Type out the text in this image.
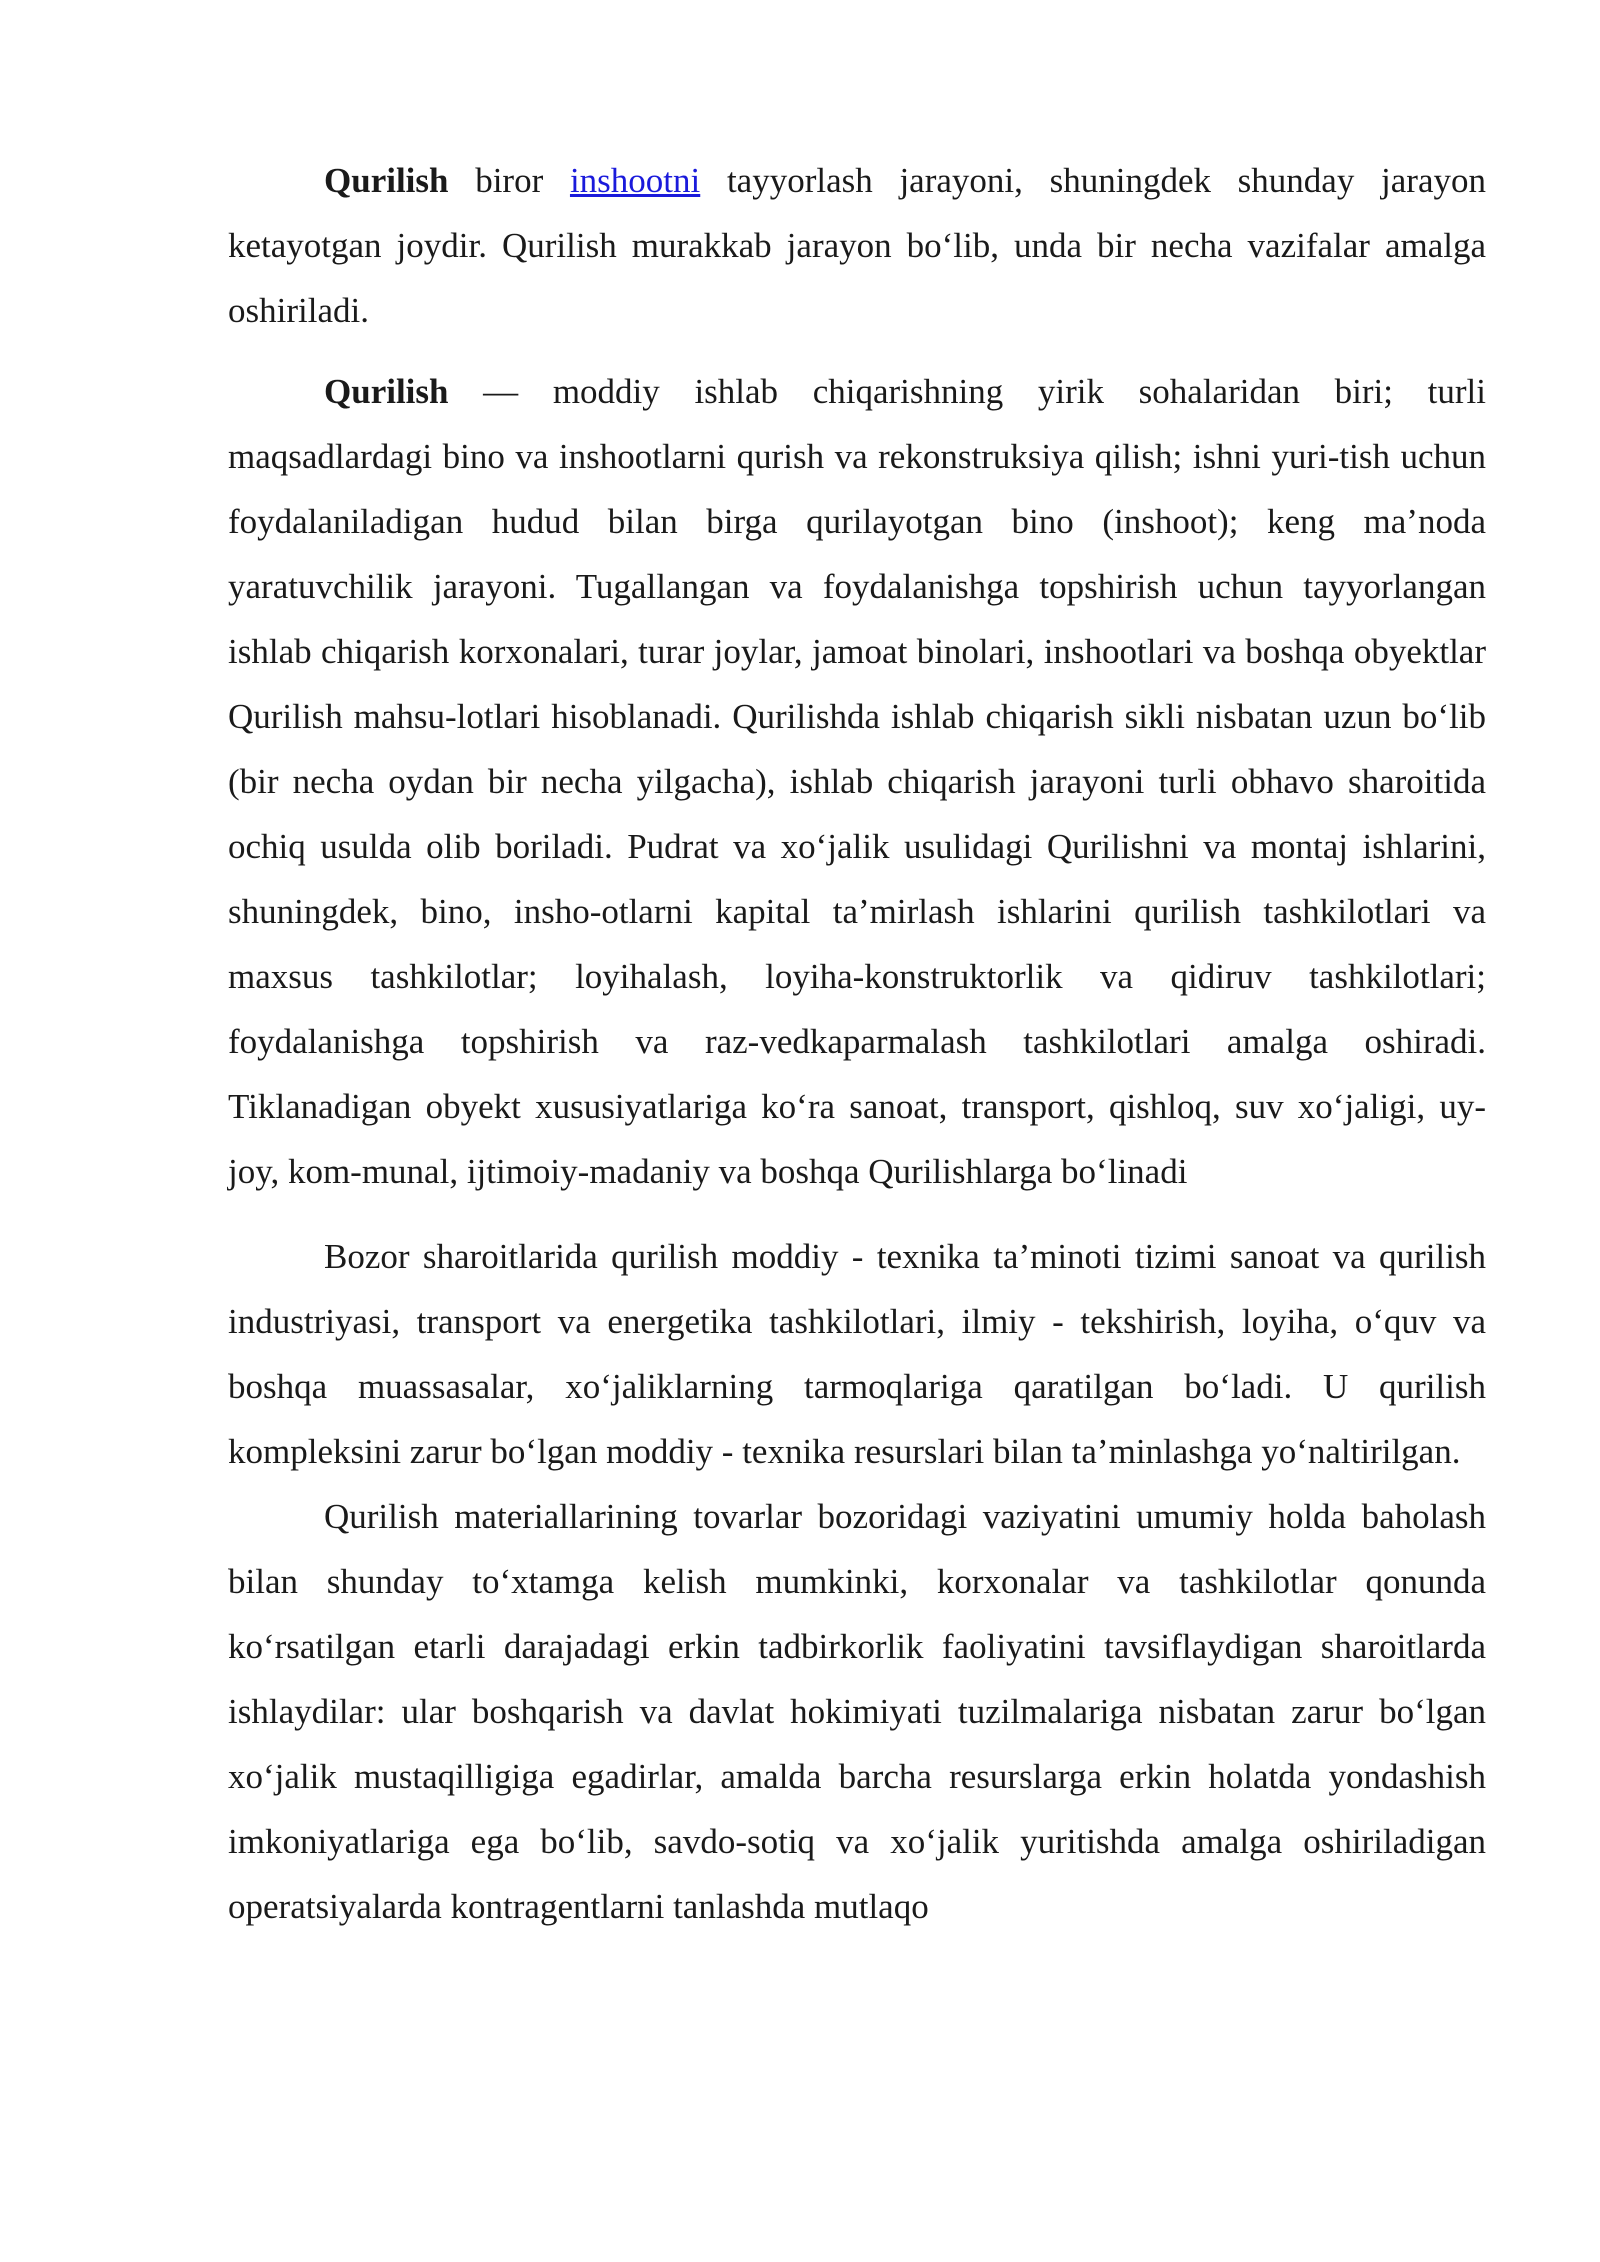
Qurilish biror inshootni tayyorlash jarayoni, shuningdek shunday jarayon ketayotgan joydir. Qurilish murakkab jarayon bo‘lib, unda bir necha vazifalar amalga oshiriladi.

Qurilish — moddiy ishlab chiqarishning yirik sohalaridan biri; turli maqsadlardagi bino va inshootlarni qurish va rekonstruksiya qilish; ishni yuri-tish uchun foydalaniladigan hudud bilan birga qurilayotgan bino (inshoot); keng ma’noda yaratuvchilik jarayoni. Tugallangan va foydalanishga topshirish uchun tayyorlangan ishlab chiqarish korxonalari, turar joylar, jamoat binolari, inshootlari va boshqa obyektlar Qurilish mahsu-lotlari hisoblanadi. Qurilishda ishlab chiqarish sikli nisbatan uzun bo‘lib (bir necha oydan bir necha yilgacha), ishlab chiqarish jarayoni turli obhavo sharoitida ochiq usulda olib boriladi. Pudrat va xo‘jalik usulidagi Qurilishni va montaj ishlarini, shuningdek, bino, insho-otlarni kapital ta’mirlash ishlarini qurilish tashkilotlari va maxsus tashkilotlar; loyihalash, loyiha-konstruktorlik va qidiruv tashkilotlari; foydalanishga topshirish va raz-vedkaparmalash tashkilotlari amalga oshiradi. Tiklanadigan obyekt xususiyatlariga ko‘ra sanoat, transport, qishloq, suv xo‘jaligi, uy-joy, kom-munal, ijtimoiy-madaniy va boshqa Qurilishlarga bo‘linadi

Bozor sharoitlarida qurilish moddiy - texnika ta’minoti tizimi sanoat va qurilish industriyasi, transport va energetika tashkilotlari, ilmiy - tekshirish, loyiha, o‘quv va boshqa muassasalar, xo‘jaliklarning tarmoqlariga qaratilgan bo‘ladi. U qurilish kompleksini zarur bo‘lgan moddiy - texnika resurslari bilan ta’minlashga yo‘naltirilgan.

Qurilish materiallarining tovarlar bozoridagi vaziyatini umumiy holda baholash bilan shunday to‘xtamga kelish mumkinki, korxonalar va tashkilotlar qonunda ko‘rsatilgan etarli darajadagi erkin tadbirkorlik faoliyatini tavsiflaydigan sharoitlarda ishlaydilar: ular boshqarish va davlat hokimiyati tuzilmalariga nisbatan zarur bo‘lgan xo‘jalik mustaqilligiga egadirlar, amalda barcha resurslarga erkin holatda yondashish imkoniyatlariga ega bo‘lib, savdo-sotiq va xo‘jalik yuritishda amalga oshiriladigan operatsiyalarda kontragentlarni tanlashda mutlaqo
